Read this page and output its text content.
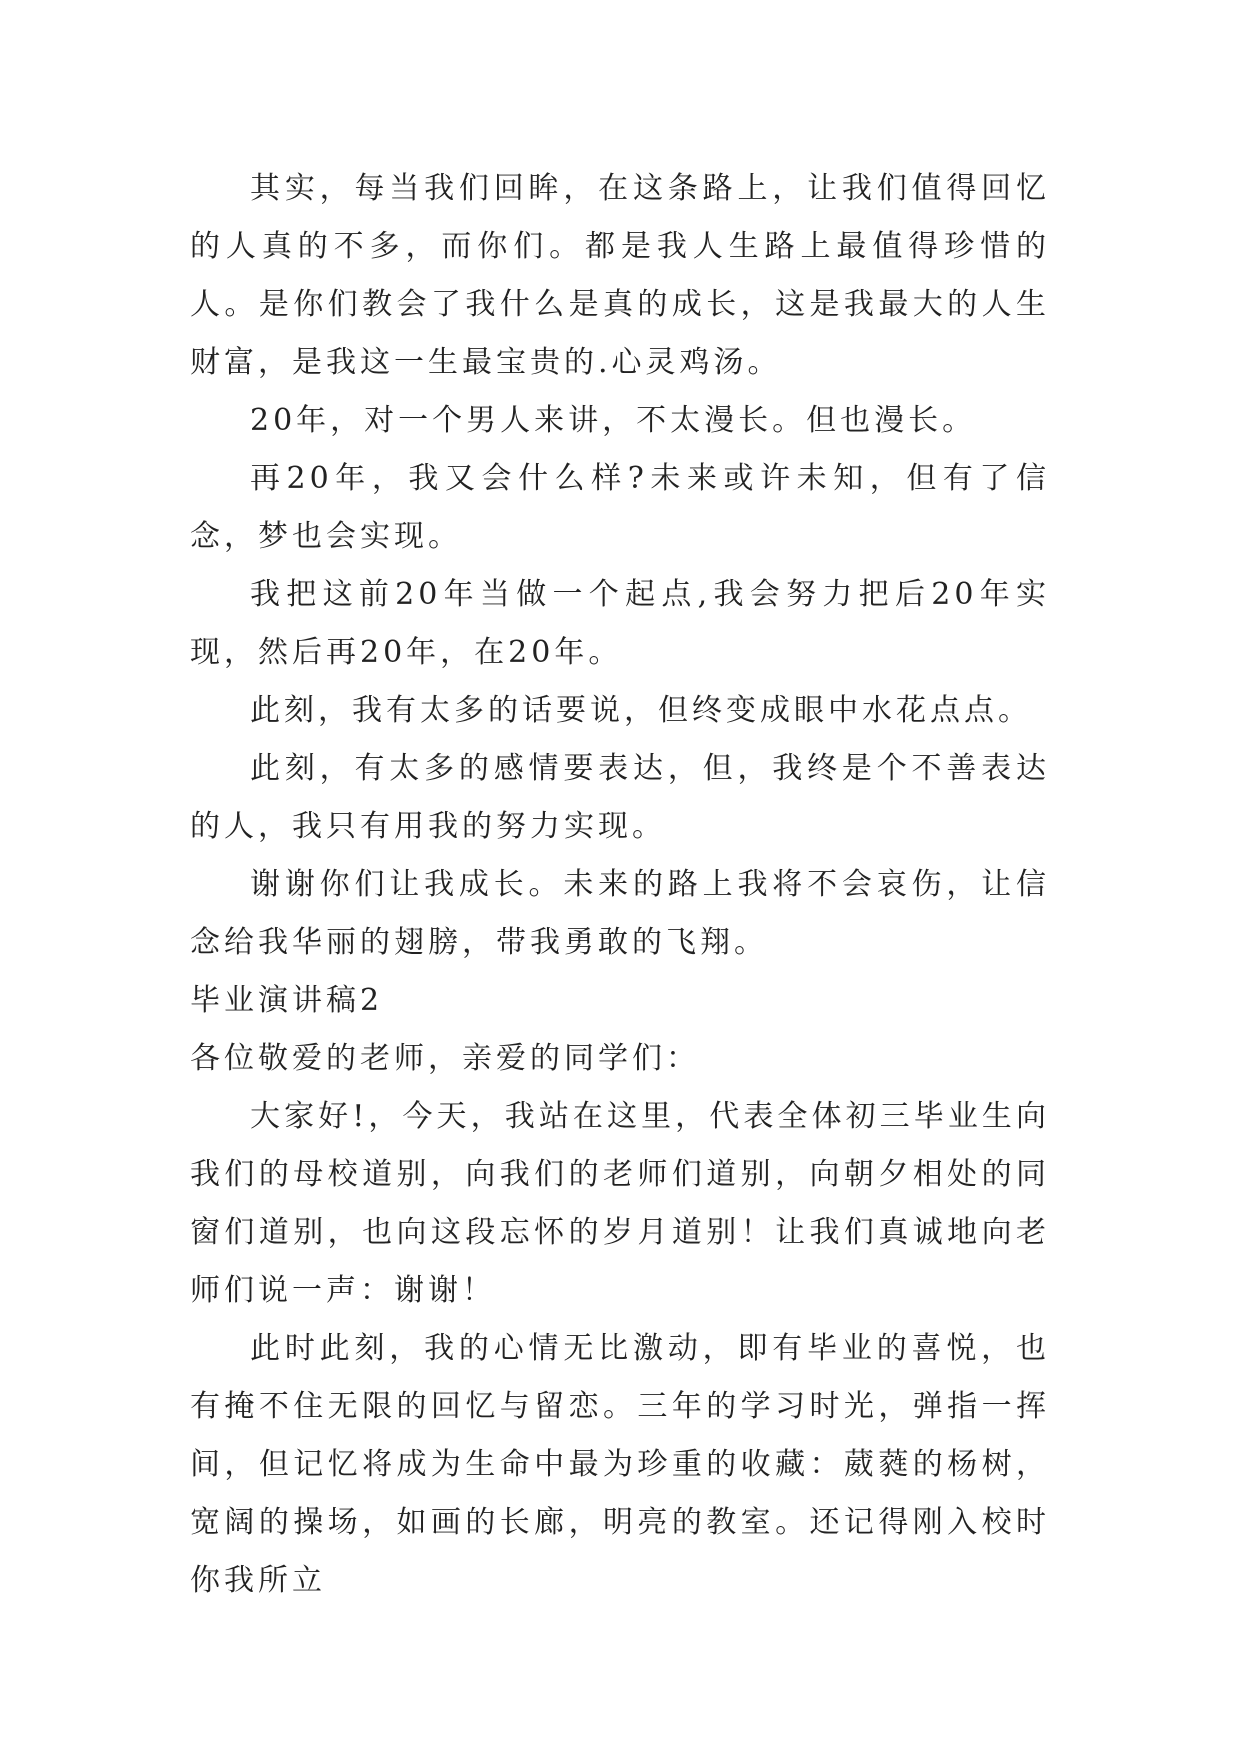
其实，每当我们回眸，在这条路上，让我们值得回忆的人真的不多，而你们。都是我人生路上最值得珍惜的人。是你们教会了我什么是真的成长，这是我最大的人生财富，是我这一生最宝贵的.心灵鸡汤。

20年，对一个男人来讲，不太漫长。但也漫长。

再20年，我又会什么样?未来或许未知，但有了信念，梦也会实现。

我把这前20年当做一个起点,我会努力把后20年实现，然后再20年，在20年。

此刻，我有太多的话要说，但终变成眼中水花点点。

此刻，有太多的感情要表达，但，我终是个不善表达的人，我只有用我的努力实现。

谢谢你们让我成长。未来的路上我将不会哀伤，让信念给我华丽的翅膀，带我勇敢的飞翔。

毕业演讲稿2

各位敬爱的老师，亲爱的同学们：

大家好!，今天，我站在这里，代表全体初三毕业生向我们的母校道别，向我们的老师们道别，向朝夕相处的同窗们道别，也向这段忘怀的岁月道别！让我们真诚地向老师们说一声：谢谢！

此时此刻，我的心情无比激动，即有毕业的喜悦，也有掩不住无限的回忆与留恋。三年的学习时光，弹指一挥间，但记忆将成为生命中最为珍重的收藏：葳蕤的杨树，宽阔的操场，如画的长廊，明亮的教室。还记得刚入校时你我所立
